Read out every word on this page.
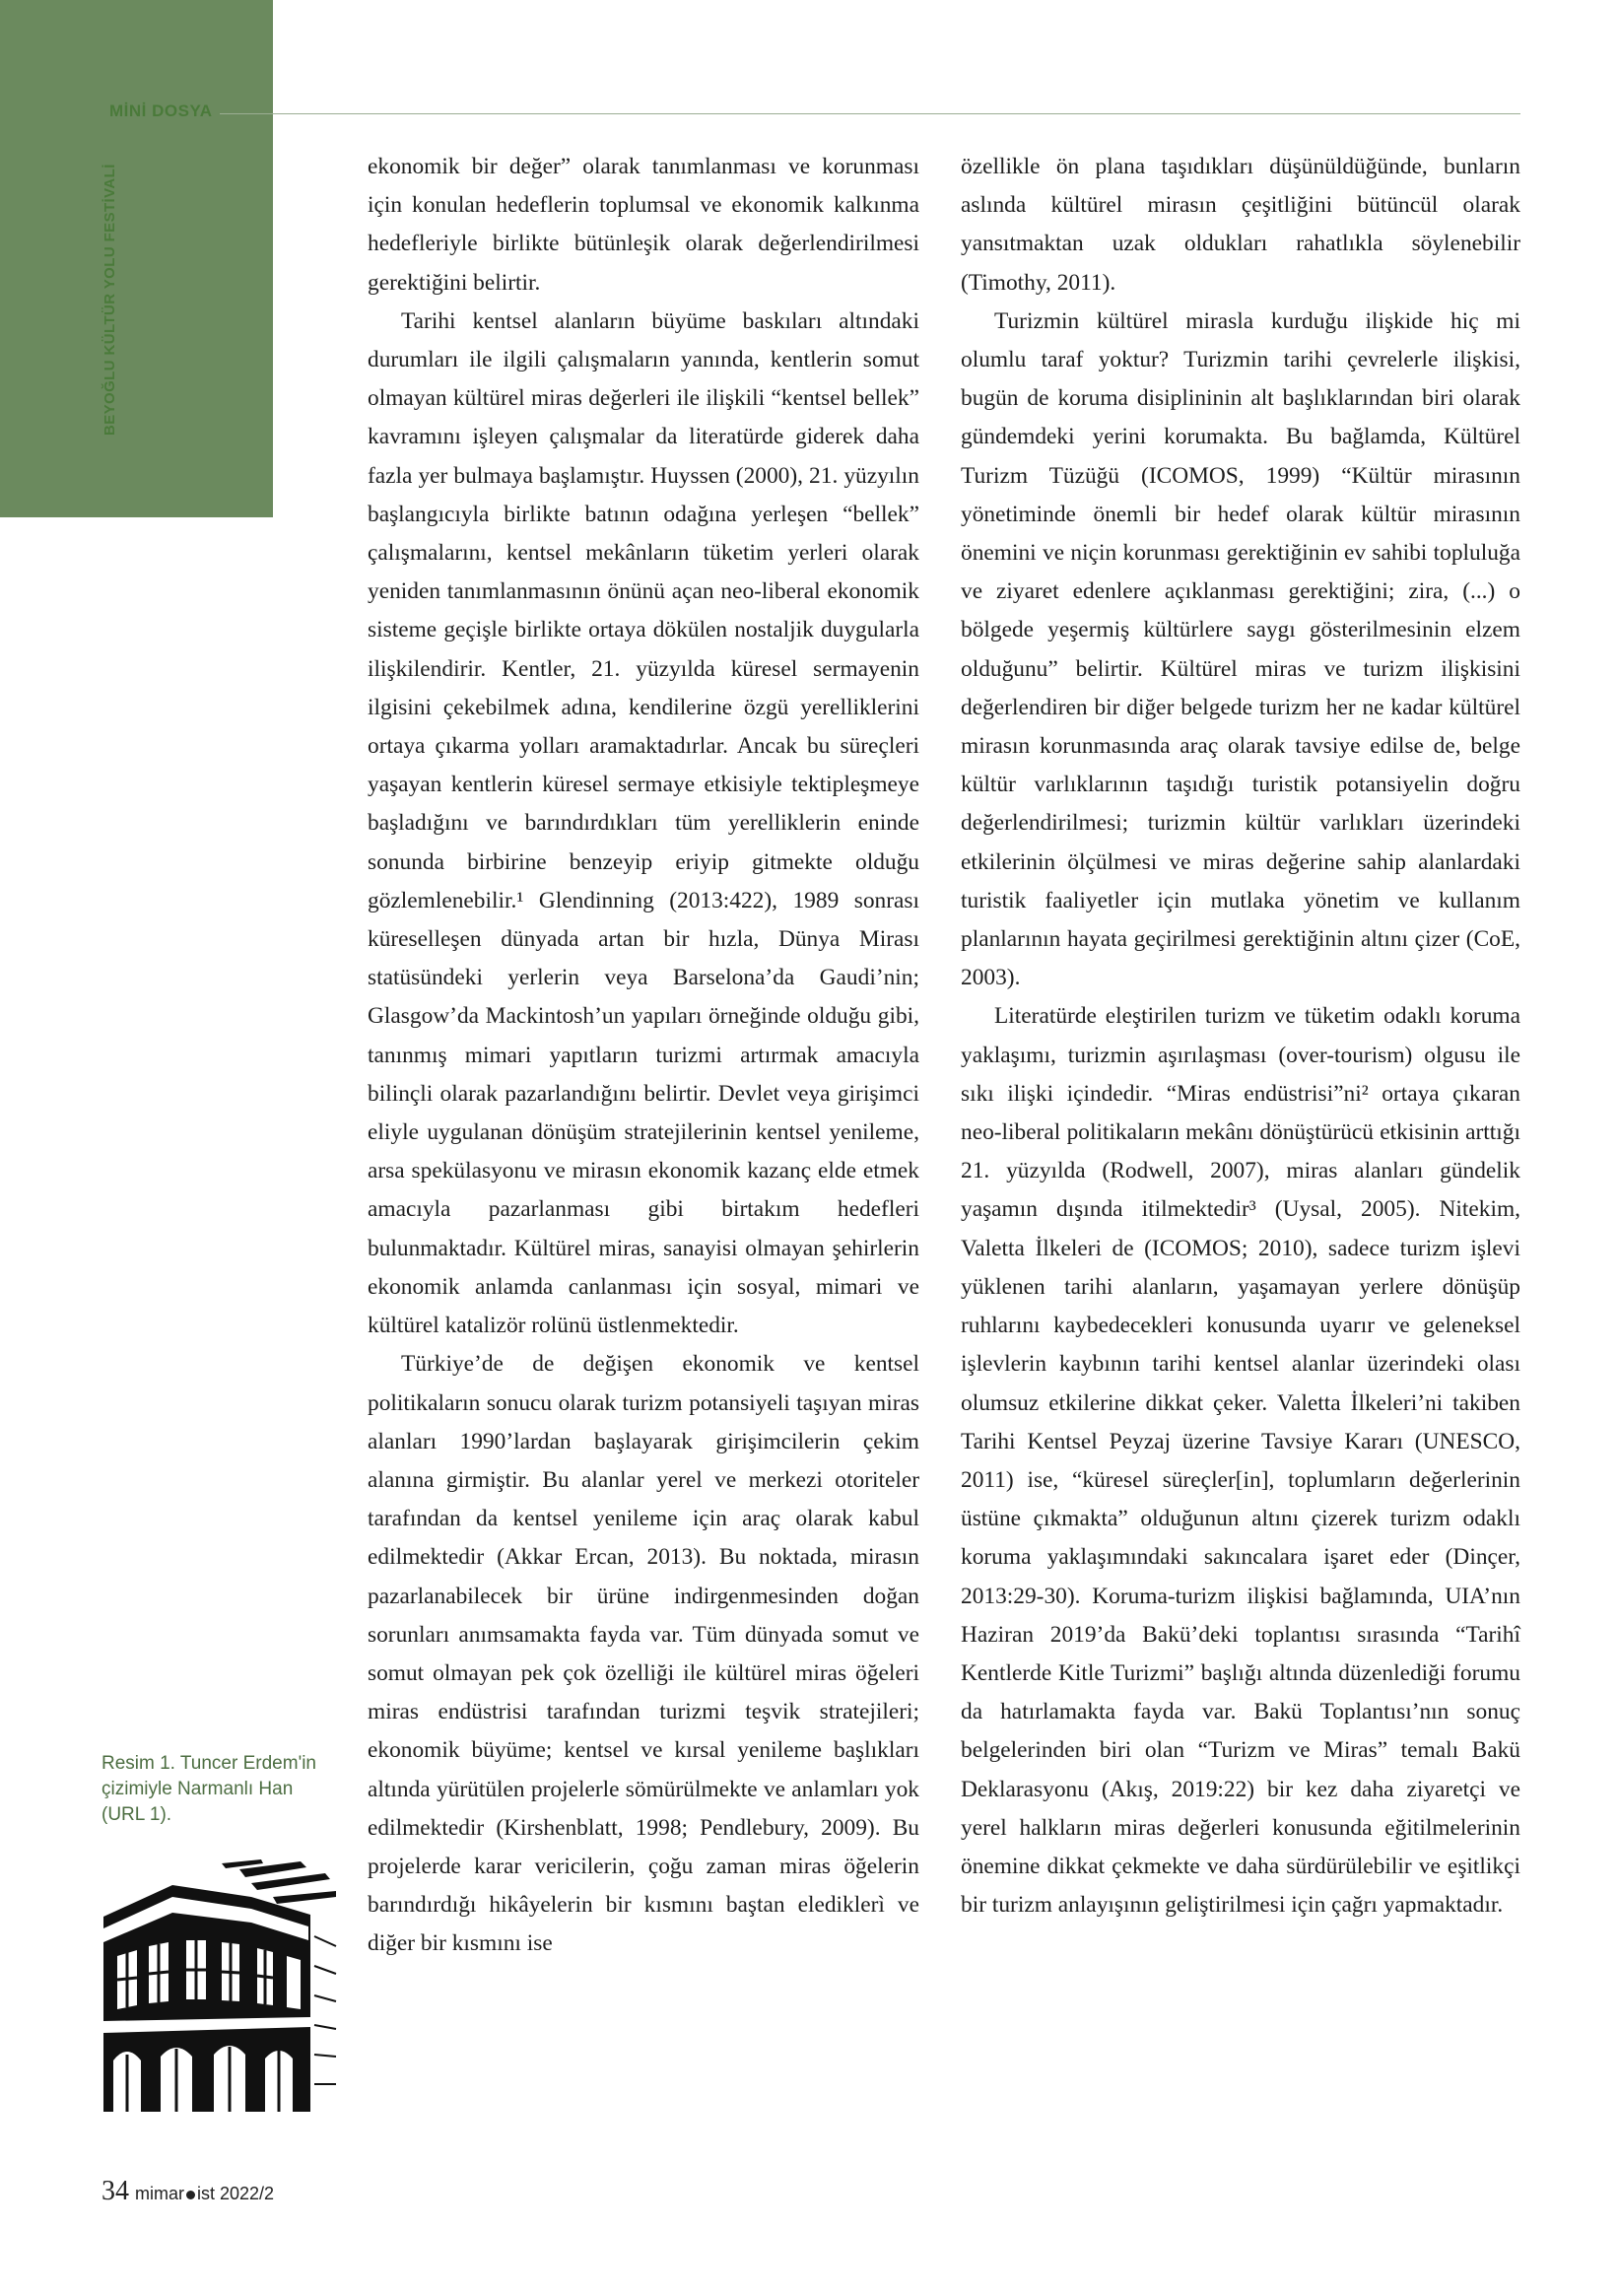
MİNİ DOSYA
BEYOĞLU KÜLTÜR YOLU FESTİVALİ	ekonomik bir değer” olarak tanımlanması ve korunması için konulan hedeflerin toplumsal ve ekonomik kalkınma hedefleriyle birlikte bütünleşik olarak değerlendirilmesi gerektiğini belirtir.

Tarihi kentsel alanların büyüme baskıları altındaki durumları ile ilgili çalışmaların yanında, kentlerin somut olmayan kültürel miras değerleri ile ilişkili “kentsel bellek” kavramını işleyen çalışmalar da literatürde giderek daha fazla yer bulmaya başlamıştır. Huyssen (2000), 21. yüzyılın başlangıcıyla birlikte batının odağına yerleşen “bellek” çalışmalarını, kentsel mekânların tüketim yerleri olarak yeniden tanımlanmasının önünü açan neo-liberal ekonomik sisteme geçişle birlikte ortaya dökülen nostaljik duygularla ilişkilendirir. Kentler, 21. yüzyılda küresel sermayenin ilgisini çekebilmek adına, kendilerine özgü yerelliklerini ortaya çıkarma yolları aramaktadırlar. Ancak bu süreçleri yaşayan kentlerin küresel sermaye etkisiyle tektipleşmeye başladığını ve barındırdıkları tüm yerelliklerin eninde sonunda birbirine benzeyip eriyip gitmekte olduğu gözlemlenebilir.¹ Glendinning (2013:422), 1989 sonrası küreselleşen dünyada artan bir hızla, Dünya Mirası statüsündeki yerlerin veya Barselona’da Gaudi’nin; Glasgow’da Mackintosh’un yapıları örneğinde olduğu gibi, tanınmış mimari yapıtların turizmi artırmak amacıyla bilinçli olarak pazarlandığını belirtir. Devlet veya girişimci eliyle uygulanan dönüşüm stratejilerinin kentsel yenileme, arsa spekülasyonu ve mirasın ekonomik kazanç elde etmek amacıyla pazarlanması gibi birtakım hedefleri bulunmaktadır. Kültürel miras, sanayisi olmayan şehirlerin ekonomik anlamda canlanması için sosyal, mimari ve kültürel katalizör rolünü üstlenmektedir.

Türkiye’de de değişen ekonomik ve kentsel politikaların sonucu olarak turizm potansiyeli taşıyan miras alanları 1990’lardan başlayarak girişimcilerin çekim alanına girmiştir. Bu alanlar yerel ve merkezi otoriteler tarafından da kentsel yenileme için araç olarak kabul edilmektedir (Akkar Ercan, 2013). Bu noktada, mirasın pazarlanabilecek bir ürüne indirgenmesinden doğan sorunları anımsamakta fayda var. Tüm dünyada somut ve somut olmayan pek çok özelliği ile kültürel miras öğeleri miras endüstrisi tarafından turizmi teşvik stratejileri; ekonomik büyüme; kentsel ve kırsal yenileme başlıkları altında yürütülen projelerle sömürülmekte ve anlamları yok edilmektedir (Kirshenblatt, 1998; Pendlebury, 2009). Bu projelerde karar vericilerin, çoğu zaman miras öğelerin barındırdığı hikâyelerin bir kısmını baştan elediklerì ve diğer bir kısmını ise

özellikle ön plana taşıdıkları düşünüldüğünde, bunların aslında kültürel mirasın çeşitliğini bütüncül olarak yansıtmaktan uzak oldukları rahatlıkla söylenebilir (Timothy, 2011).

Turizmin kültürel mirasla kurduğu ilişkide hiç mi olumlu taraf yoktur? Turizmin tarihi çevrelerle ilişkisi, bugün de koruma disiplininin alt başlıklarından biri olarak gündemdeki yerini korumakta. Bu bağlamda, Kültürel Turizm Tüzüğü (ICOMOS, 1999) “Kültür mirasının yönetiminde önemli bir hedef olarak kültür mirasının önemini ve niçin korunması gerektiğinin ev sahibi topluluğa ve ziyaret edenlere açıklanması gerektiğini; zira, (...) o bölgede yeşermiş kültürlere saygı gösterilmesinin elzem olduğunu” belirtir. Kültürel miras ve turizm ilişkisini değerlendiren bir diğer belgede turizm her ne kadar kültürel mirasın korunmasında araç olarak tavsiye edilse de, belge kültür varlıklarının taşıdığı turistik potansiyelin doğru değerlendirilmesi; turizmin kültür varlıkları üzerindeki etkilerinin ölçülmesi ve miras değerine sahip alanlardaki turistik faaliyetler için mutlaka yönetim ve kullanım planlarının hayata geçirilmesi gerektiğinin altını çizer (CoE, 2003).

Literatürde eleştirilen turizm ve tüketim odaklı koruma yaklaşımı, turizmin aşırılaşması (over-tourism) olgusu ile sıkı ilişki içindedir. “Miras endüstrisi”ni² ortaya çıkaran neo-liberal politikaların mekânı dönüştürücü etkisinin arttığı 21. yüzyılda (Rodwell, 2007), miras alanları gündelik yaşamın dışında itilmektedir³ (Uysal, 2005). Nitekim, Valetta İlkeleri de (ICOMOS; 2010), sadece turizm işlevi yüklenen tarihi alanların, yaşamayan yerlere dönüşüp ruhlarını kaybedecekleri konusunda uyarır ve geleneksel işlevlerin kaybının tarihi kentsel alanlar üzerindeki olası olumsuz etkilerine dikkat çeker. Valetta İlkeleri’ni takiben Tarihi Kentsel Peyzaj üzerine Tavsiye Kararı (UNESCO, 2011) ise, “küresel süreçler[in], toplumların değerlerinin üstüne çıkmakta” olduğunun altını çizerek turizm odaklı koruma yaklaşımındaki sakıncalara işaret eder (Dinçer, 2013:29-30). Koruma-turizm ilişkisi bağlamında, UIA’nın Haziran 2019’da Bakü’deki toplantısı sırasında “Tarihî Kentlerde Kitle Turizmi” başlığı altında düzenlediği forumu da hatırlamakta fayda var. Bakü Toplantısı’nın sonuç belgelerinden biri olan “Turizm ve Miras” temalı Bakü Deklarasyonu (Akış, 2019:22) bir kez daha ziyaretçi ve yerel halkların miras değerleri konusunda eğitilmelerinin önemine dikkat çekmekte ve daha sürdürülebilir ve eşitlikçi bir turizm anlayışının geliştirilmesi için çağrı yapmaktadır.

Resim 1. Tuncer Erdem'in çizimiyle Narmanlı Han (URL 1).
34 mimar ist 2022/2
